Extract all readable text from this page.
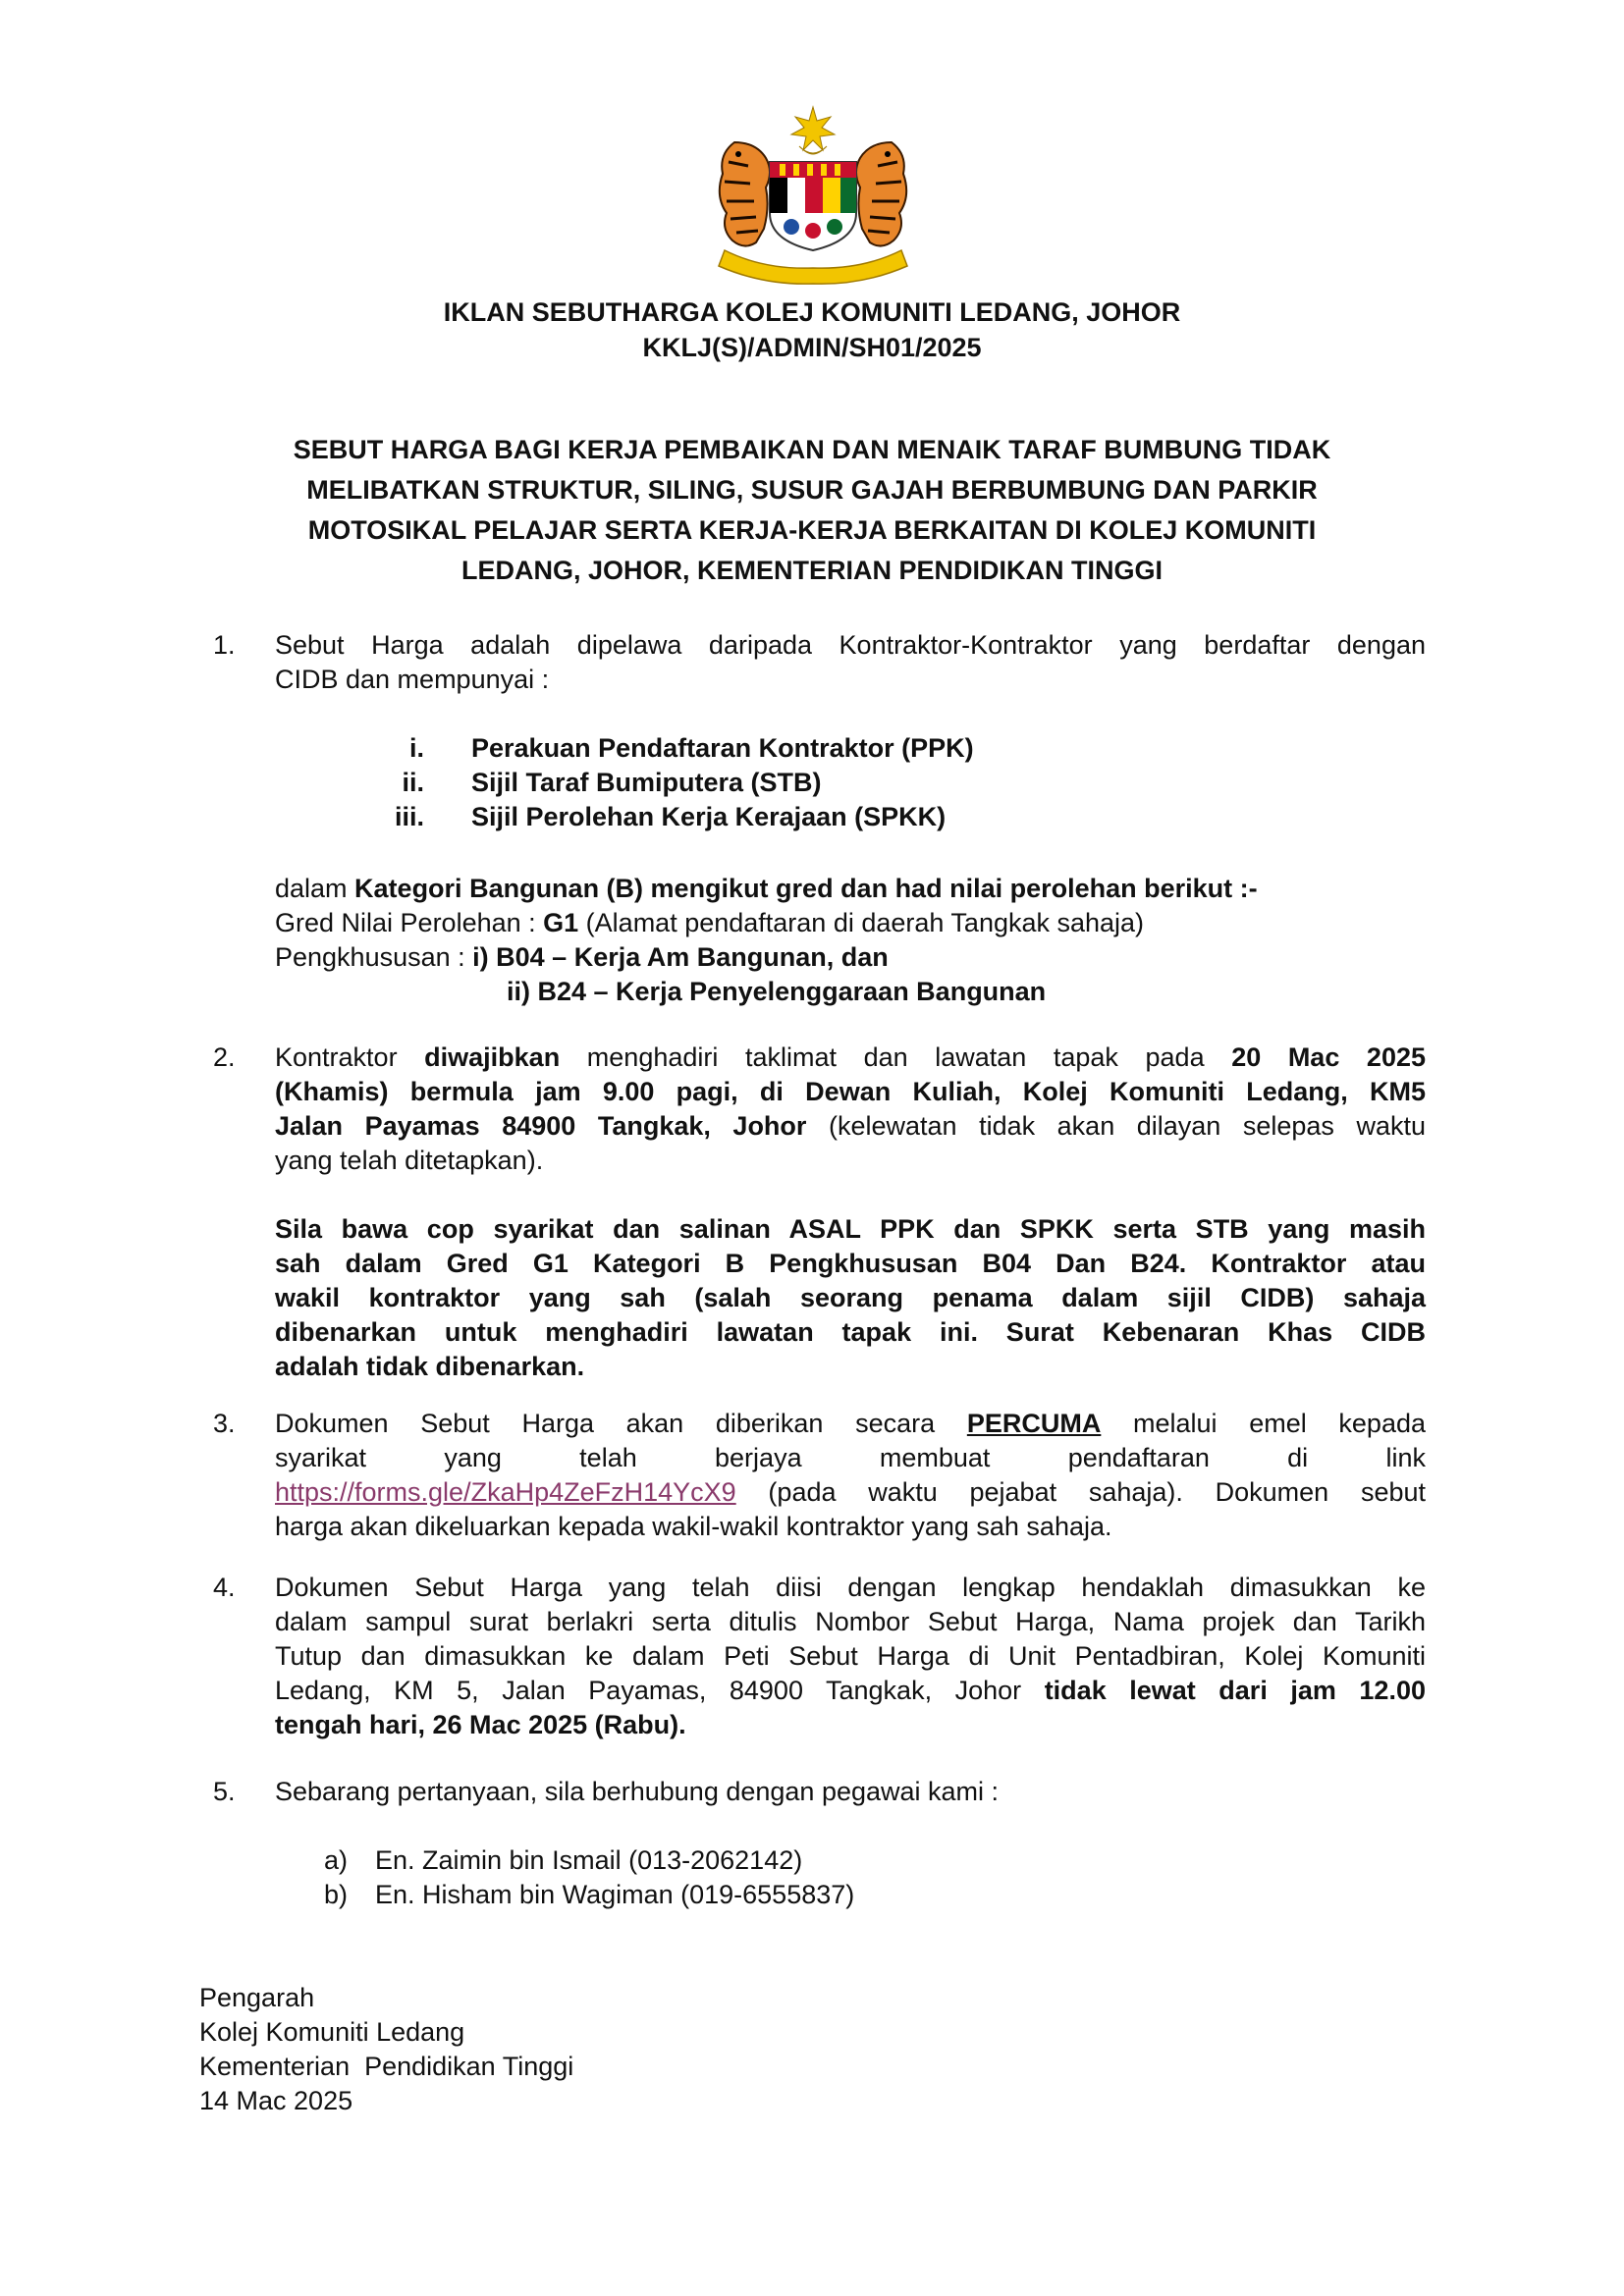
IKLAN SEBUTHARGA KOLEJ KOMUNITI LEDANG, JOHOR
KKLJ(S)/ADMIN/SH01/2025
SEBUT HARGA BAGI KERJA PEMBAIKAN DAN MENAIK TARAF BUMBUNG TIDAK
MELIBATKAN STRUKTUR, SILING, SUSUR GAJAH BERBUMBUNG DAN PARKIR
MOTOSIKAL PELAJAR SERTA KERJA-KERJA BERKAITAN DI KOLEJ KOMUNITI
LEDANG, JOHOR, KEMENTERIAN PENDIDIKAN TINGGI
1. Sebut Harga adalah dipelawa daripada Kontraktor-Kontraktor yang berdaftar dengan
CIDB dan mempunyai :
i. Perakuan Pendaftaran Kontraktor (PPK)
ii. Sijil Taraf Bumiputera (STB)
iii. Sijil Perolehan Kerja Kerajaan (SPKK)
dalam Kategori Bangunan (B) mengikut gred dan had nilai perolehan berikut :-
Gred Nilai Perolehan : G1 (Alamat pendaftaran di daerah Tangkak sahaja)
Pengkhususan : i) B04 – Kerja Am Bangunan, dan
ii) B24 – Kerja Penyelenggaraan Bangunan
2. Kontraktor diwajibkan menghadiri taklimat dan lawatan tapak pada 20 Mac 2025
(Khamis) bermula jam 9.00 pagi, di Dewan Kuliah, Kolej Komuniti Ledang, KM5
Jalan Payamas 84900 Tangkak, Johor (kelewatan tidak akan dilayan selepas waktu
yang telah ditetapkan).
Sila bawa cop syarikat dan salinan ASAL PPK dan SPKK serta STB yang masih
sah dalam Gred G1 Kategori B Pengkhususan B04 Dan B24. Kontraktor atau
wakil kontraktor yang sah (salah seorang penama dalam sijil CIDB) sahaja
dibenarkan untuk menghadiri lawatan tapak ini. Surat Kebenaran Khas CIDB
adalah tidak dibenarkan.
3. Dokumen Sebut Harga akan diberikan secara PERCUMA melalui emel kepada
syarikat yang telah berjaya membuat pendaftaran di link
https://forms.gle/ZkaHp4ZeFzH14YcX9 (pada waktu pejabat sahaja). Dokumen sebut
harga akan dikeluarkan kepada wakil-wakil kontraktor yang sah sahaja.
4. Dokumen Sebut Harga yang telah diisi dengan lengkap hendaklah dimasukkan ke
dalam sampul surat berlakri serta ditulis Nombor Sebut Harga, Nama projek dan Tarikh
Tutup dan dimasukkan ke dalam Peti Sebut Harga di Unit Pentadbiran, Kolej Komuniti
Ledang, KM 5, Jalan Payamas, 84900 Tangkak, Johor tidak lewat dari jam 12.00
tengah hari, 26 Mac 2025 (Rabu).
5. Sebarang pertanyaan, sila berhubung dengan pegawai kami :
a) En. Zaimin bin Ismail (013-2062142)
b) En. Hisham bin Wagiman (019-6555837)
Pengarah
Kolej Komuniti Ledang
Kementerian  Pendidikan Tinggi
14 Mac 2025
